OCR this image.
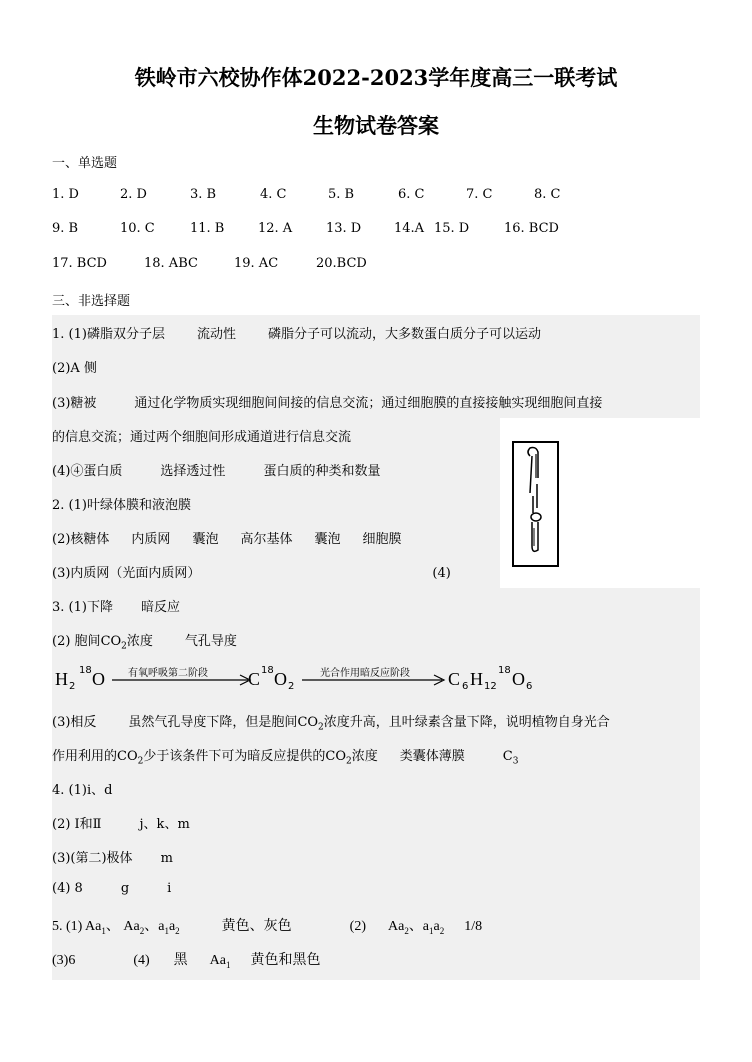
铁岭市六校协作体2022-2023学年度高三一联考试
生物试卷答案
一、单选题
1. D	2. D	3. B	4. C	5. B	6. C	7. C	8. C
9. B	10. C	11. B	12. A	13. D	14.A 15. D	16. BCD
17. BCD	18. ABC	19. AC	20.BCD
三、非选择题
1. (1)磷脂双分子层 流动性 磷脂分子可以流动，大多数蛋白质分子可以运动
(2)A 侧
(3)糖被	通过化学物质实现细胞间间接的信息交流；通过细胞膜的直接接触实现细胞间直接
的信息交流；通过两个细胞间形成通道进行信息交流
(4)④蛋白质	选择透过性	蛋白质的种类和数量
2. (1)叶绿体膜和液泡膜
(2)核糖体 内质网 囊泡 高尔基体 囊泡 细胞膜
(3)内质网（光面内质网）	(4)
3. (1)下降 暗反应
(2) 胞间$CO_2$浓度 气孔导度
H 2
18 O 有氧呼吸第二阶段 C 18 O 2
光合作用暗反应阶段 C 6 H 12
18 O 6
(3)相反 虽然气孔导度下降，但是胞间$CO_2$浓度升高，且叶绿素含量下降，说明植物自身光合
作用利用的$CO_2$少于该条件下可为暗反应提供的$CO_2$浓度 类囊体薄膜	$C_3$
4. (1)i、d
(2) Ⅰ和Ⅱ	j、k、m
(3)(第二)极体 m
(4) 8	g	i
5. (1) $Aa_1$、 $Aa_2$、$a_1a_2$	黄色、灰色	(2) $Aa_2$、$a_1a_2$ 1/8
(3)6	(4) 黑 $Aa_1$ 黄色和黑色
